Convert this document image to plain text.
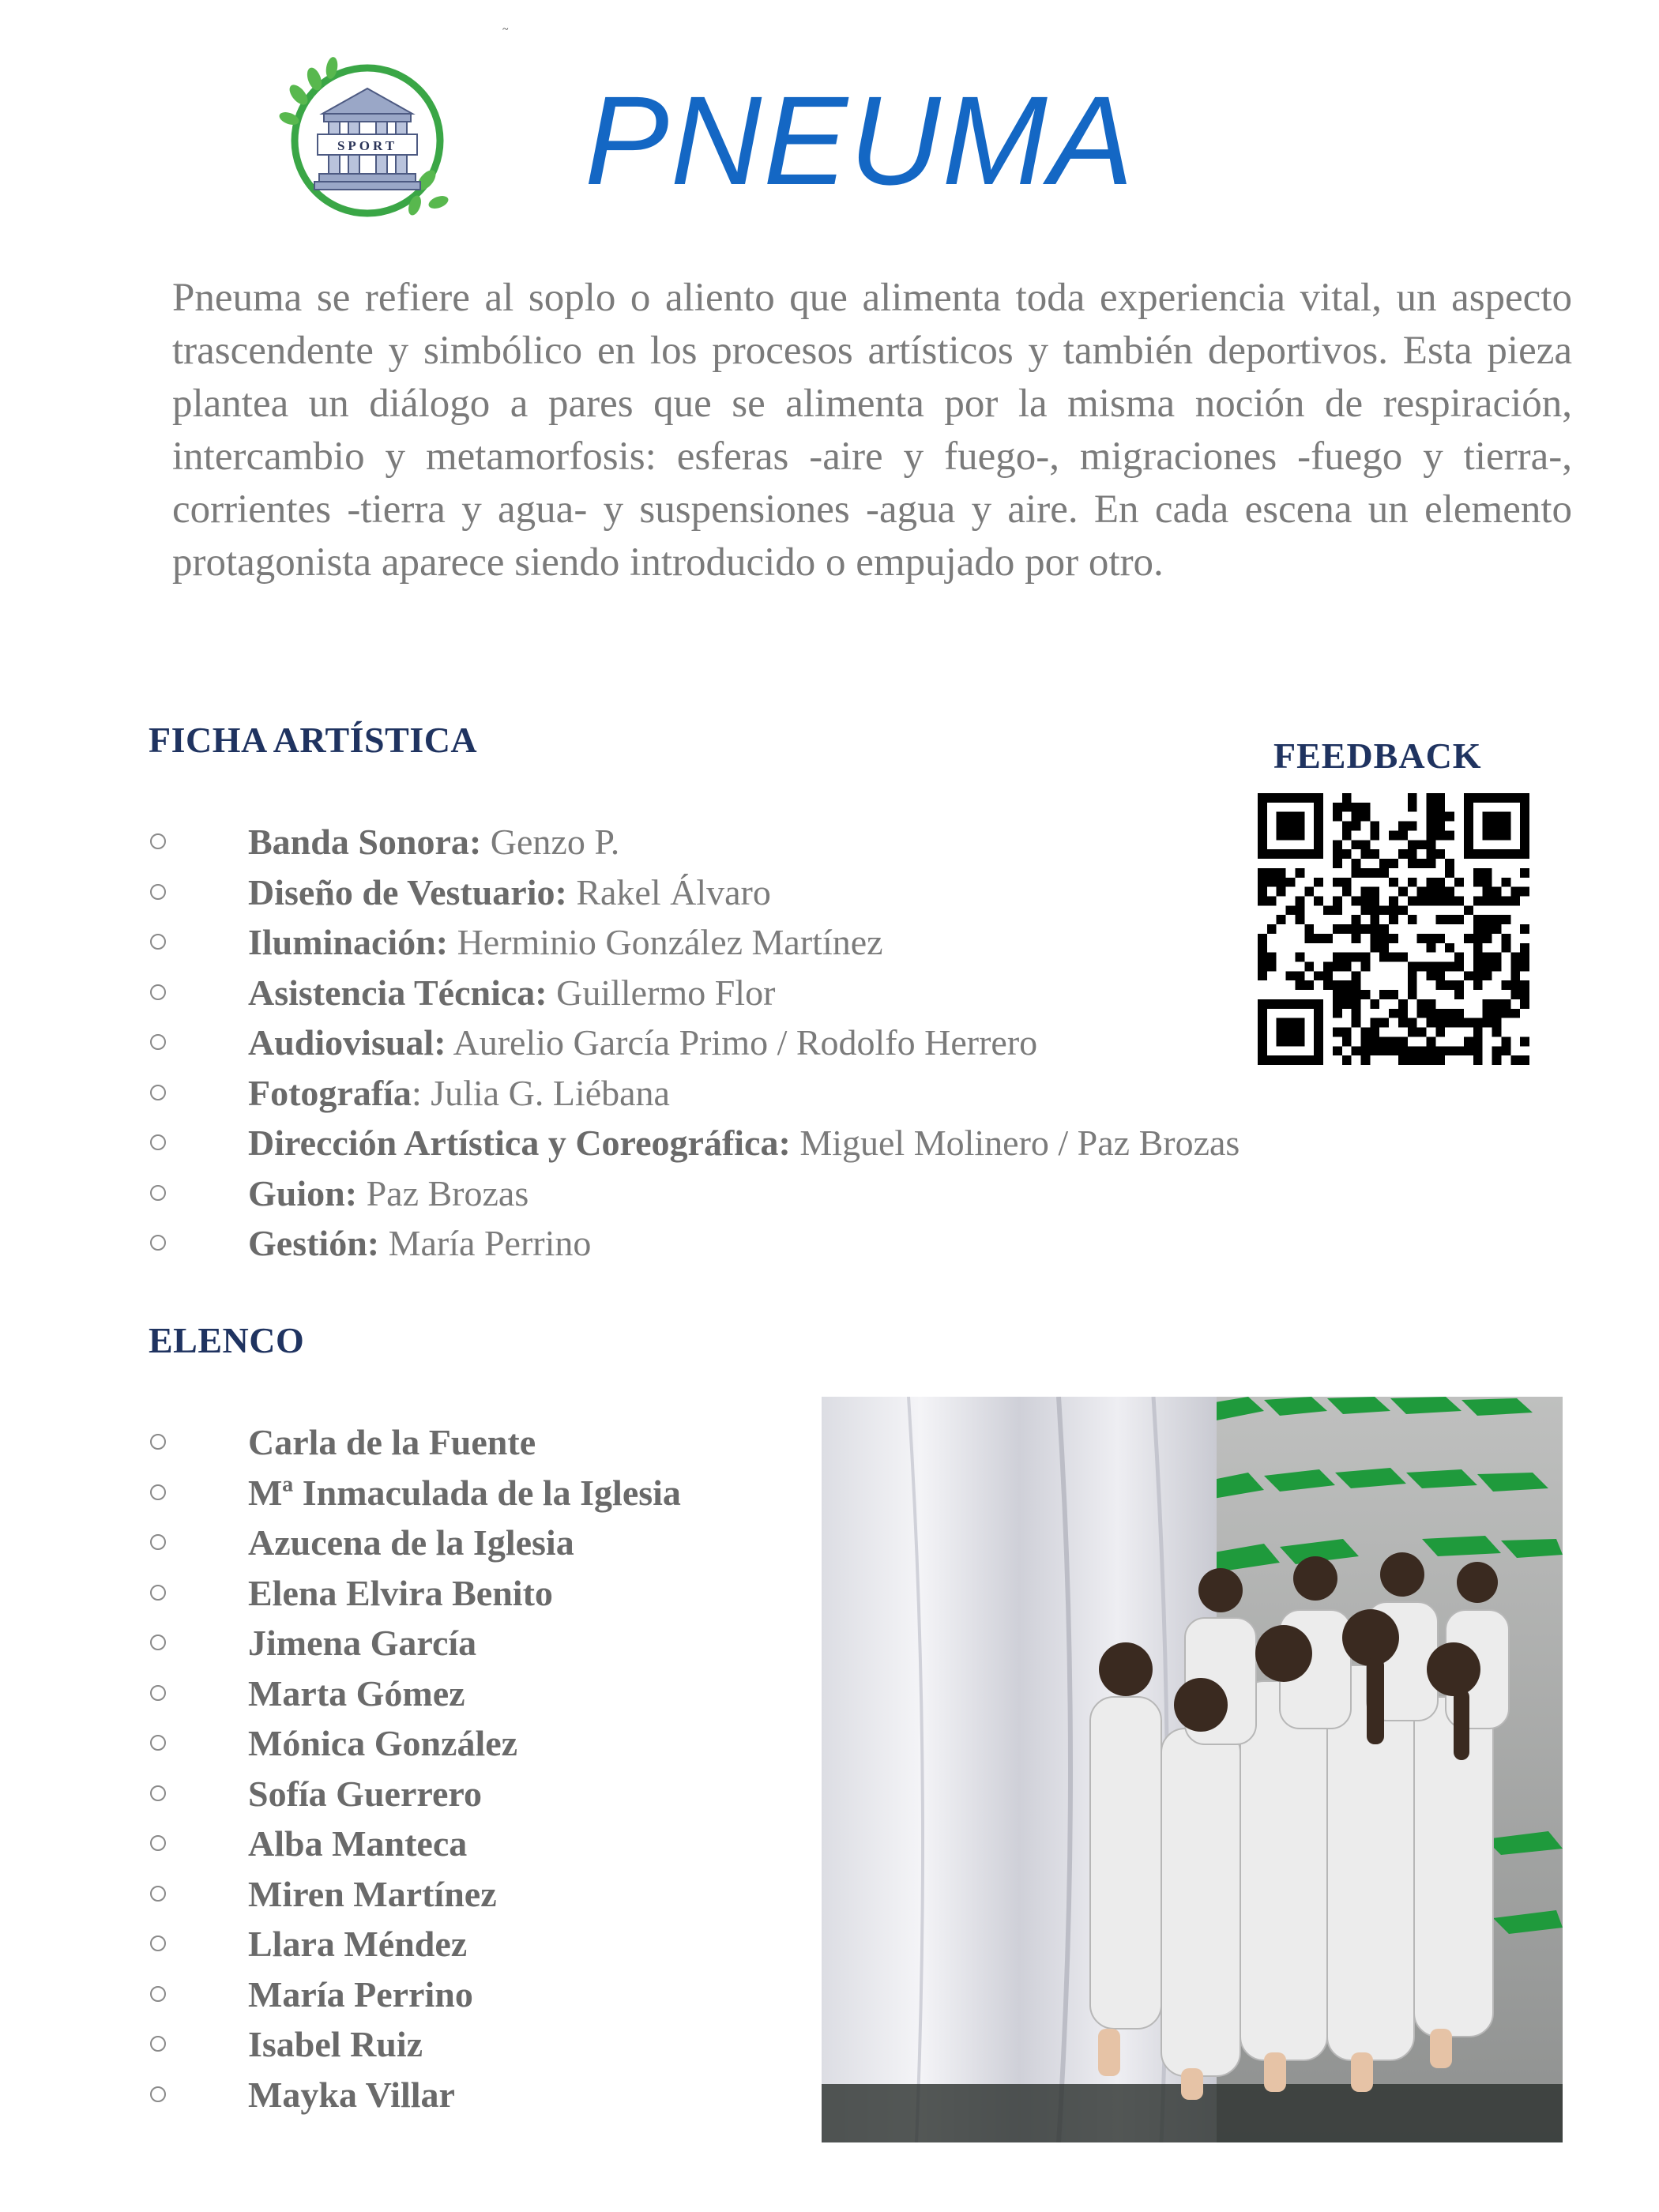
~
SPORT PNEUMA

Pneuma se refiere al soplo o aliento que alimenta toda experiencia vital, un aspecto trascendente y simbólico en los procesos artísticos y también deportivos. Esta pieza plantea un diálogo a pares que se alimenta por la misma noción de respiración, intercambio y metamorfosis: esferas -aire y fuego-, migraciones -fuego y tierra-, corrientes -tierra y agua- y suspensiones -agua y aire. En cada escena un elemento protagonista aparece siendo introducido o empujado por otro.

FICHA ARTÍSTICA
Banda Sonora: Genzo P.
Diseño de Vestuario: Rakel Álvaro
Iluminación: Herminio González Martínez
Asistencia Técnica: Guillermo Flor
Audiovisual: Aurelio García Primo / Rodolfo Herrero
Fotografía: Julia G. Liébana
Dirección Artística y Coreográfica: Miguel Molinero / Paz Brozas
Guion: Paz Brozas
Gestión: María Perrino
FEEDBACK
ELENCO
Carla de la Fuente
Mª Inmaculada de la Iglesia
Azucena de la Iglesia
Elena Elvira Benito
Jimena García
Marta Gómez
Mónica González
Sofía Guerrero
Alba Manteca
Miren Martínez
Llara Méndez
María Perrino
Isabel Ruiz
Mayka Villar
